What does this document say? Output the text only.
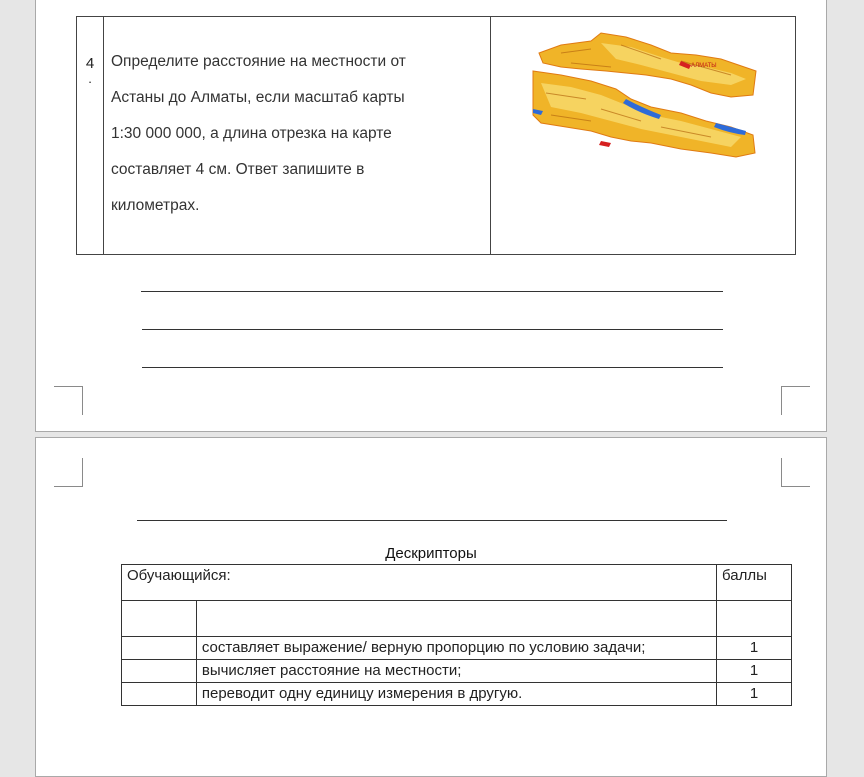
4
.
Определите расстояние на местности от
Астаны до Алматы, если масштаб карты
1:30 000 000, а длина отрезка на карте
составляет 4 см. Ответ запишите в
километрах.
АЛМАТЫ
Дескрипторы
Обучающийся:		баллы

	составляет выражение/ верную пропорцию по условию задачи;	1
	вычисляет расстояние на местности;	1
	переводит одну единицу измерения в другую.	1
